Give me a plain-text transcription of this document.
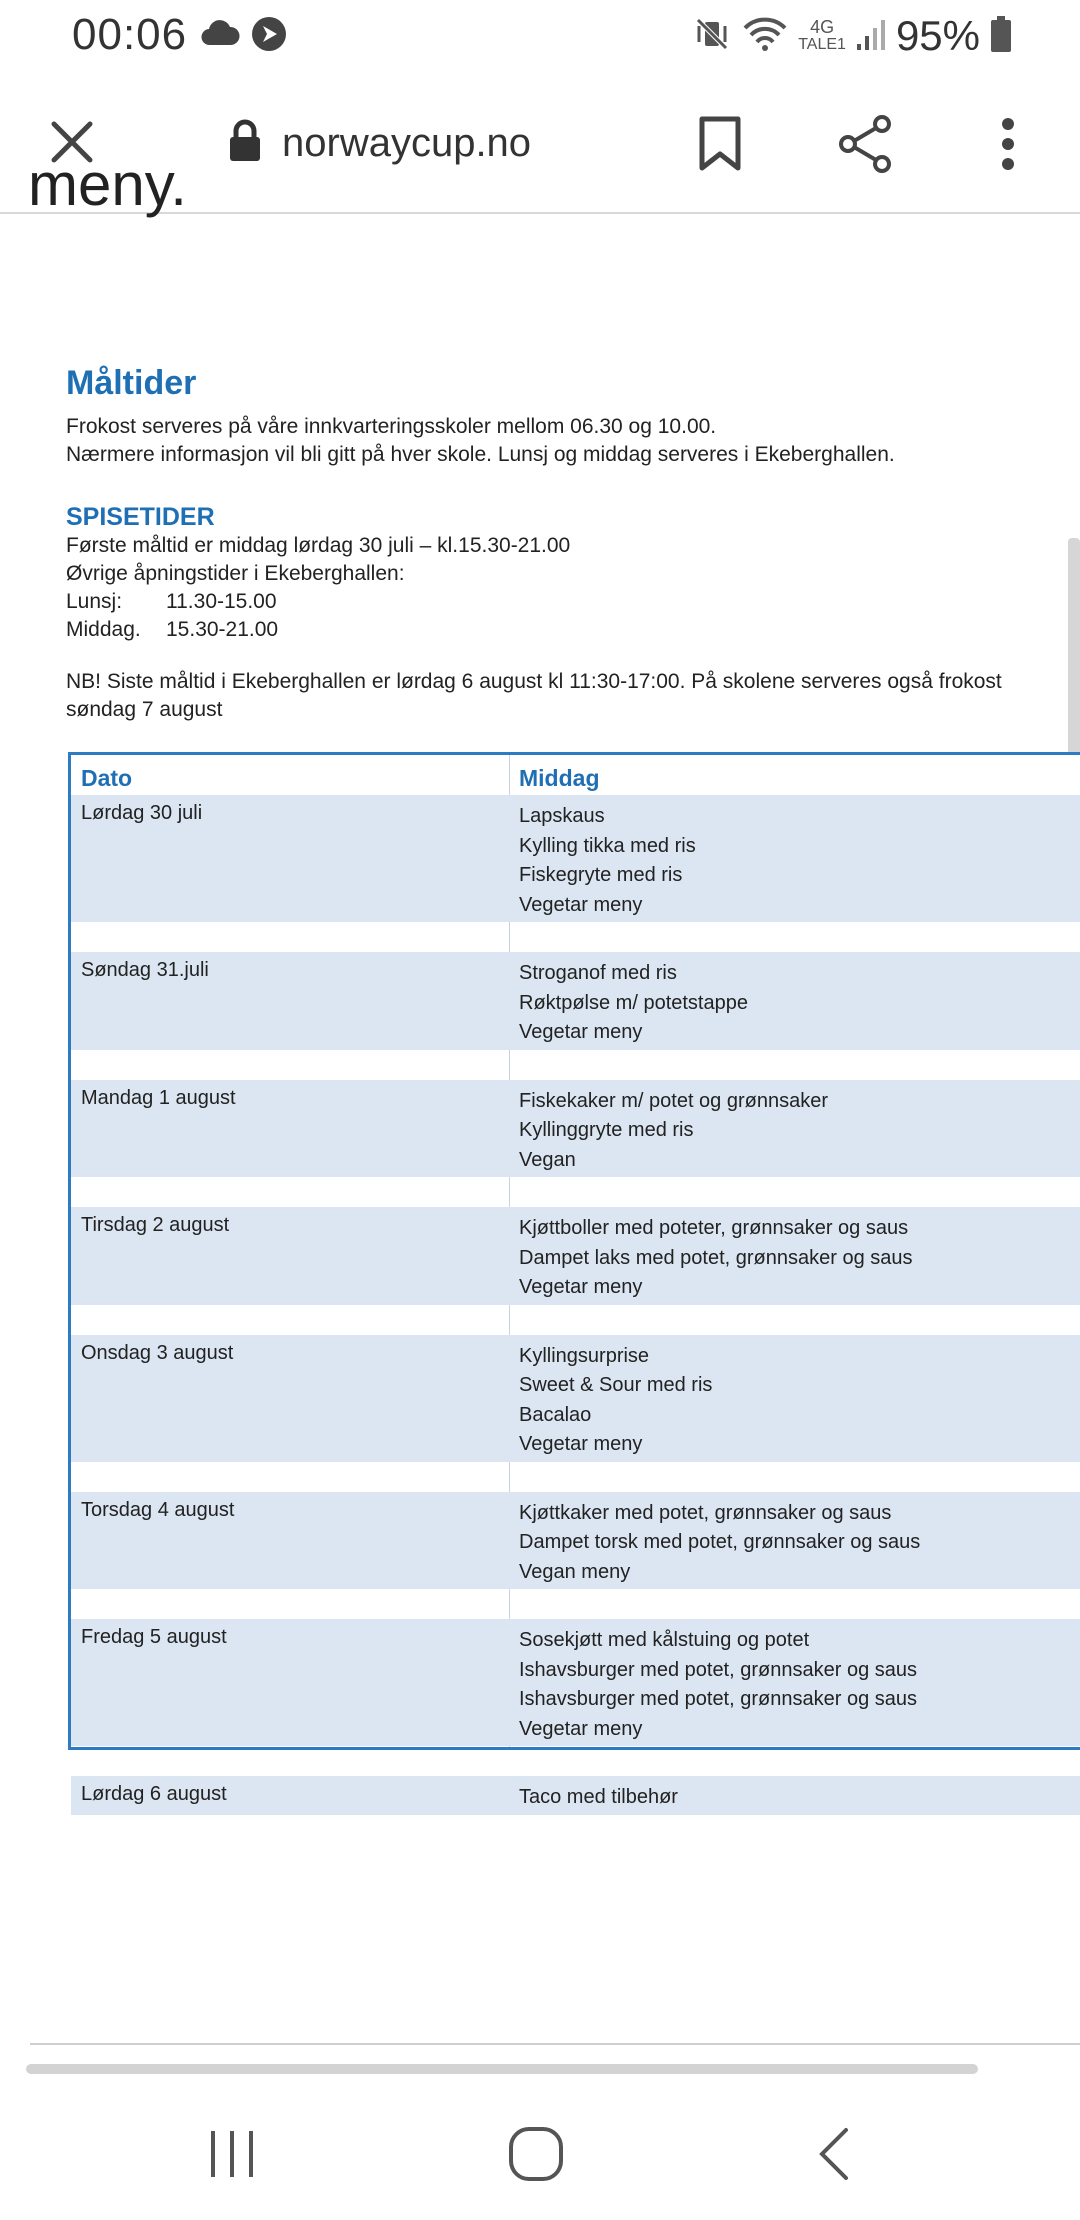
00:06	4G
TALE1 95%
norwaycup.no
meny.
Måltider
Frokost serveres på våre innkvarteringsskoler mellom 06.30 og 10.00.
Nærmere informasjon vil bli gitt på hver skole. Lunsj og middag serveres i Ekeberghallen.
SPISETIDER
Første måltid er middag lørdag 30 juli – kl.15.30-21.00
Øvrige åpningstider i Ekeberghallen:
Lunsj: 11.30-15.00
Middag. 15.30-21.00
NB! Siste måltid i Ekeberghallen er lørdag 6 august kl 11:30-17:00. På skolene serveres også frokost søndag 7 august
Dato	Middag
Lørdag 30 juli	Lapskaus
Kylling tikka med ris
Fiskegryte med ris
Vegetar meny
Søndag 31.juli	Stroganof med ris
Røktpølse m/ potetstappe
Vegetar meny
Mandag 1 august	Fiskekaker m/ potet og grønnsaker
Kyllinggryte med ris
Vegan
Tirsdag 2 august	Kjøttboller med poteter, grønnsaker og saus
Dampet laks med potet, grønnsaker og saus
Vegetar meny
Onsdag 3 august	Kyllingsurprise
Sweet & Sour med ris
Bacalao
Vegetar meny
Torsdag 4 august	Kjøttkaker med potet, grønnsaker og saus
Dampet torsk med potet, grønnsaker og saus
Vegan meny
Fredag 5 august	Sosekjøtt med kålstuing og potet
Ishavsburger med potet, grønnsaker og saus
Ishavsburger med potet, grønnsaker og saus
Vegetar meny
Lørdag 6 august	Taco med tilbehør
